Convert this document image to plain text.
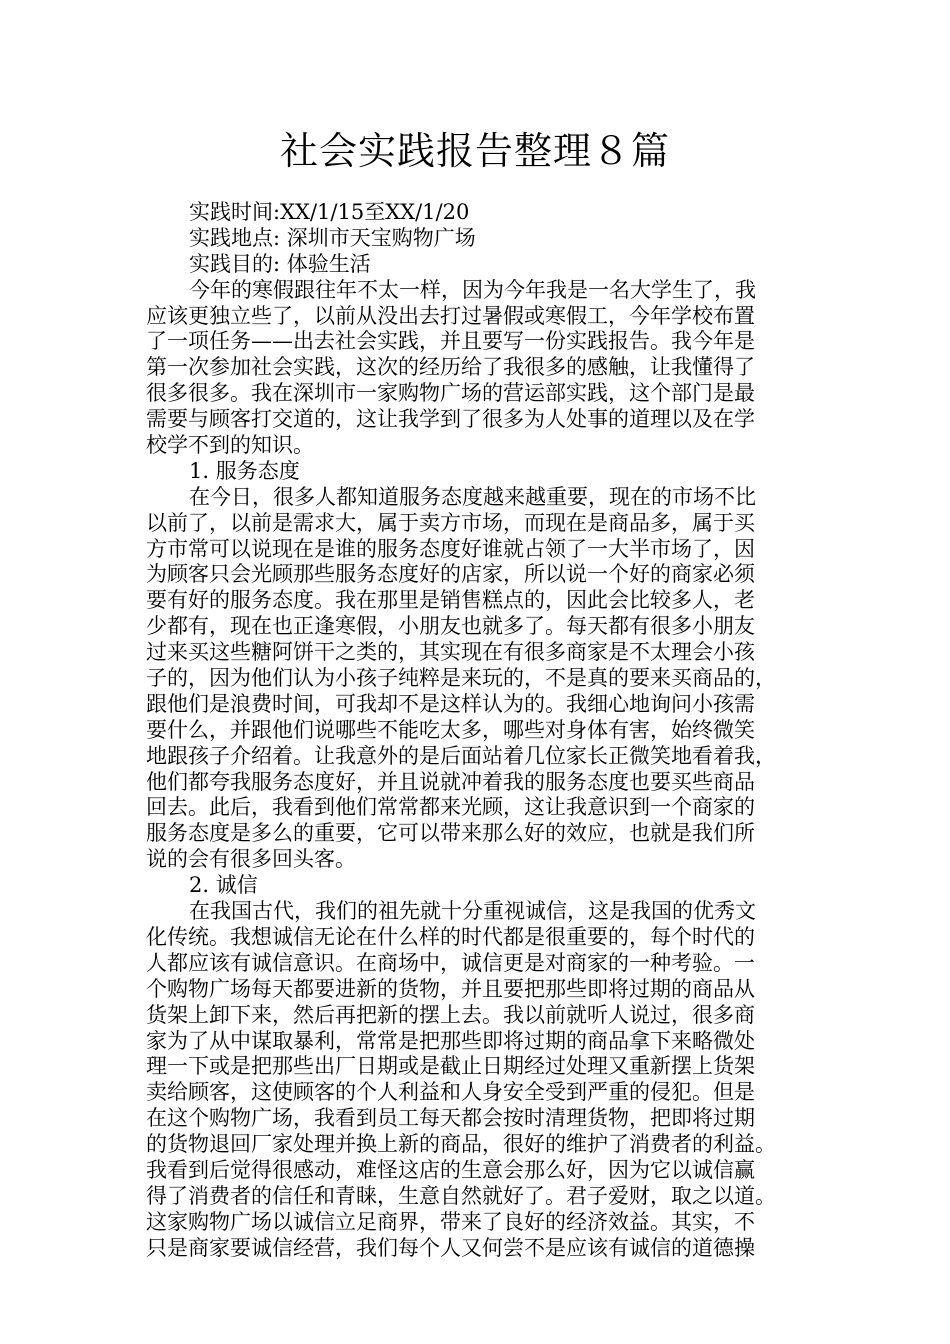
社会实践报告整理８篇
实践时间:XX/1/15至XX/1/20
实践地点: 深圳市天宝购物广场
实践目的: 体验生活
今年的寒假跟往年不太一样，因为今年我是一名大学生了，我
应该更独立些了，以前从没出去打过暑假或寒假工，今年学校布置
了一项任务——出去社会实践，并且要写一份实践报告。我今年是
第一次参加社会实践，这次的经历给了我很多的感触，让我懂得了
很多很多。我在深圳市一家购物广场的营运部实践，这个部门是最
需要与顾客打交道的，这让我学到了很多为人处事的道理以及在学
校学不到的知识。
1. 服务态度
在今日，很多人都知道服务态度越来越重要，现在的市场不比
以前了，以前是需求大，属于卖方市场，而现在是商品多，属于买
方市常可以说现在是谁的服务态度好谁就占领了一大半市场了，因
为顾客只会光顾那些服务态度好的店家，所以说一个好的商家必须
要有好的服务态度。我在那里是销售糕点的，因此会比较多人，老
少都有，现在也正逢寒假，小朋友也就多了。每天都有很多小朋友
过来买这些糖阿饼干之类的，其实现在有很多商家是不太理会小孩
子的，因为他们认为小孩子纯粹是来玩的，不是真的要来买商品的，
跟他们是浪费时间，可我却不是这样认为的。我细心地询问小孩需
要什么，并跟他们说哪些不能吃太多，哪些对身体有害，始终微笑
地跟孩子介绍着。让我意外的是后面站着几位家长正微笑地看着我，
他们都夸我服务态度好，并且说就冲着我的服务态度也要买些商品
回去。此后，我看到他们常常都来光顾，这让我意识到一个商家的
服务态度是多么的重要，它可以带来那么好的效应，也就是我们所
说的会有很多回头客。
2. 诚信
在我国古代，我们的祖先就十分重视诚信，这是我国的优秀文
化传统。我想诚信无论在什么样的时代都是很重要的，每个时代的
人都应该有诚信意识。在商场中，诚信更是对商家的一种考验。一
个购物广场每天都要进新的货物，并且要把那些即将过期的商品从
货架上卸下来，然后再把新的摆上去。我以前就听人说过，很多商
家为了从中谋取暴利，常常是把那些即将过期的商品拿下来略微处
理一下或是把那些出厂日期或是截止日期经过处理又重新摆上货架
卖给顾客，这使顾客的个人利益和人身安全受到严重的侵犯。但是
在这个购物广场，我看到员工每天都会按时清理货物，把即将过期
的货物退回厂家处理并换上新的商品，很好的维护了消费者的利益。
我看到后觉得很感动，难怪这店的生意会那么好，因为它以诚信赢
得了消费者的信任和青睐，生意自然就好了。君子爱财，取之以道。
这家购物广场以诚信立足商界，带来了良好的经济效益。其实，不
只是商家要诚信经营，我们每个人又何尝不是应该有诚信的道德操
